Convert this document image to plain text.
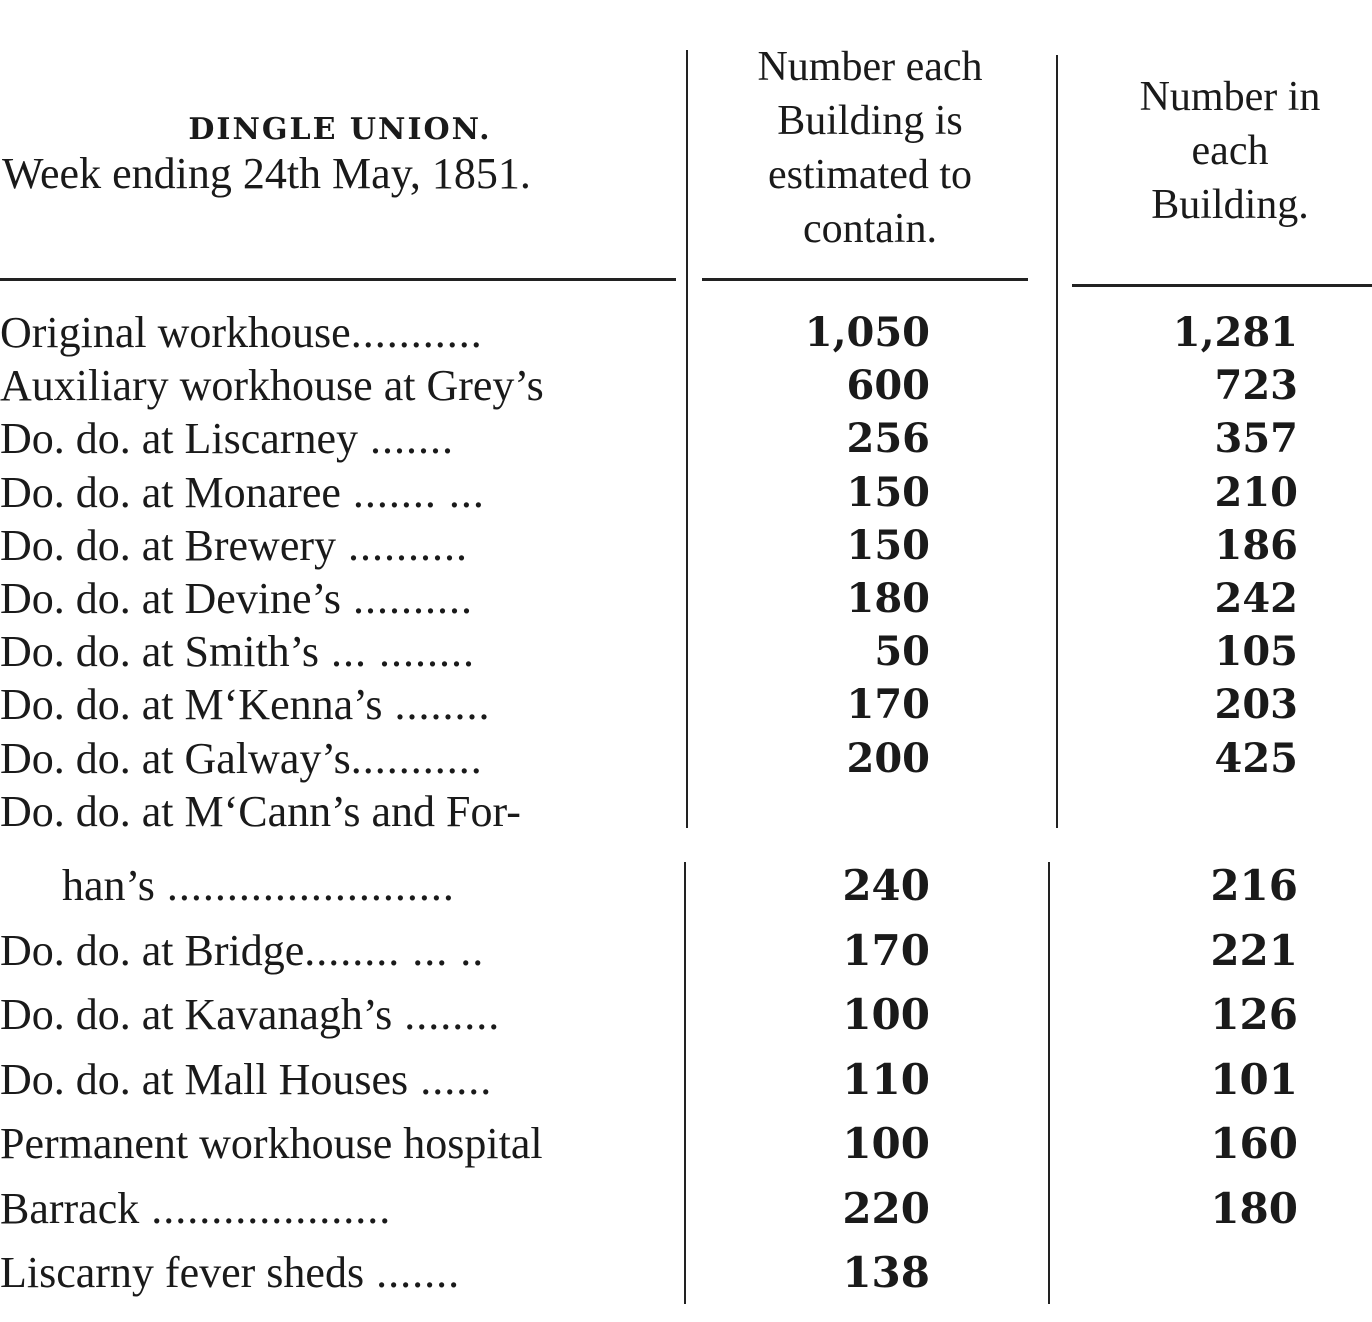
DINGLE UNION.
Week ending 24th May, 1851.
Number each
Building is
estimated to
contain.
Number in
each
Building.
Original workhouse...........	1,050	1,281
Auxiliary workhouse at Grey’s	600	723
Do. do. at Liscarney .......	256	357
Do. do. at Monaree ....... ...	150	210
Do. do. at Brewery ..........	150	186
Do. do. at Devine’s ..........	180	242
Do. do. at Smith’s ... ........	50	105
Do. do. at M‘Kenna’s ........	170	203
Do. do. at Galway’s...........	200	425
Do. do. at M‘Cann’s and For-
han’s ........................	240	216
Do. do. at Bridge........ ... ..	170	221
Do. do. at Kavanagh’s ........	100	126
Do. do. at Mall Houses ......	110	101
Permanent workhouse hospital	100	160
Barrack ....................	220	180
Liscarny fever sheds .......	138
